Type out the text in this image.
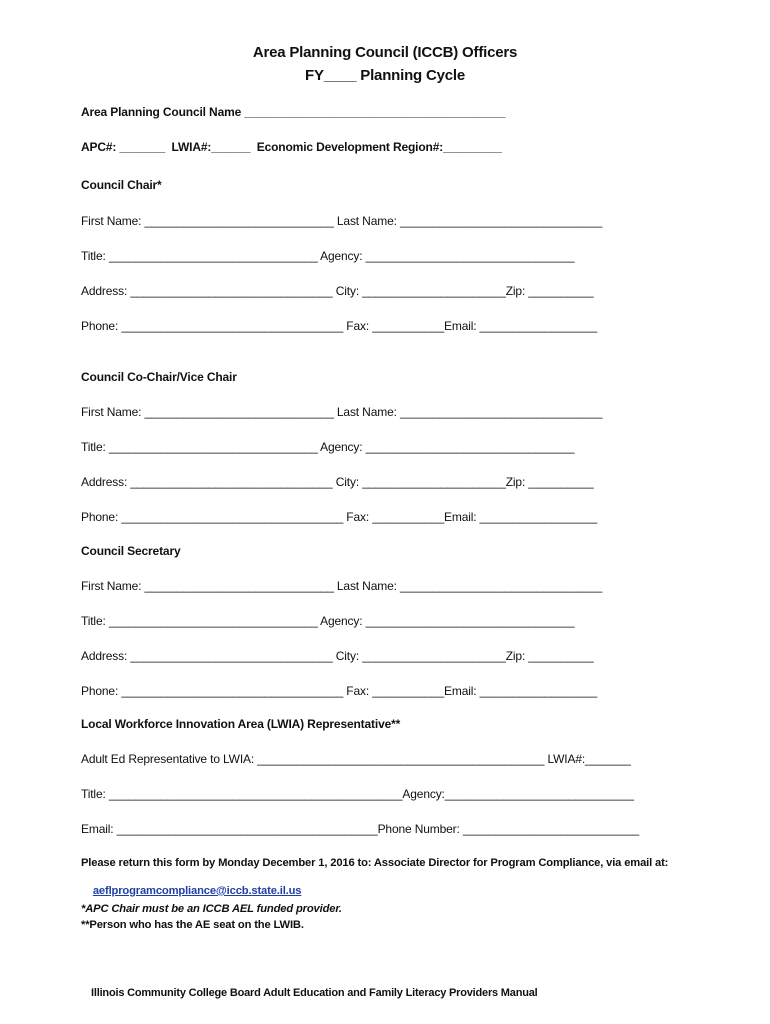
Area Planning Council (ICCB) Officers
FY____ Planning Cycle
Area Planning Council Name ________________________________________
APC#: _______  LWIA#:______  Economic Development Region#:_________
Council Chair*
First Name: _____________________________ Last Name: _______________________________
Title: ________________________________ Agency: ________________________________
Address: _______________________________ City: ______________________Zip: __________
Phone: __________________________________ Fax: ___________Email: __________________
Council Co-Chair/Vice Chair
First Name: _____________________________ Last Name: _______________________________
Title: ________________________________ Agency: ________________________________
Address: _______________________________ City: ______________________Zip: __________
Phone: __________________________________ Fax: ___________Email: __________________
Council Secretary
First Name: _____________________________ Last Name: _______________________________
Title: ________________________________ Agency: ________________________________
Address: _______________________________ City: ______________________Zip: __________
Phone: __________________________________ Fax: ___________Email: __________________
Local Workforce Innovation Area (LWIA) Representative**
Adult Ed Representative to LWIA: ____________________________________________ LWIA#:_______
Title: _____________________________________________Agency:_____________________________
Email: ________________________________________Phone Number: ___________________________
Please return this form by Monday December 1, 2016 to: Associate Director for Program Compliance, via email at:

aeflprogramcompliance@iccb.state.il.us

*APC Chair must be an ICCB AEL funded provider.
**Person who has the AE seat on the LWIB.
Illinois Community College Board Adult Education and Family Literacy Providers Manual
